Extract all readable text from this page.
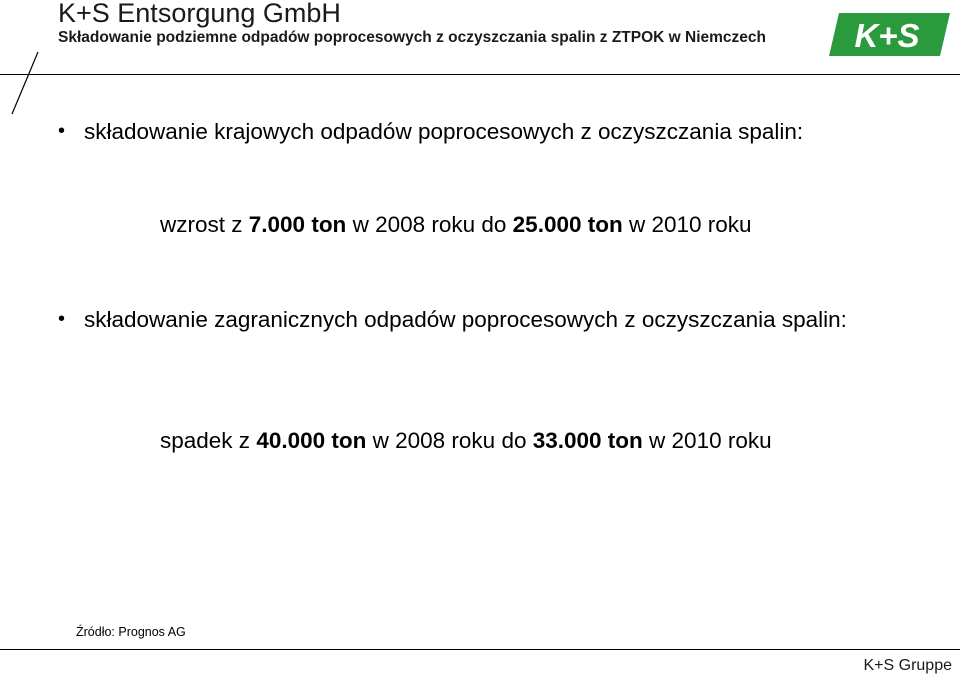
K+S Entsorgung GmbH
Składowanie podziemne odpadów poprocesowych z oczyszczania spalin z ZTPOK w Niemczech	K+S
• składowanie krajowych odpadów poprocesowych z oczyszczania spalin:
wzrost z 7.000 ton w 2008 roku do 25.000 ton w 2010 roku
• składowanie zagranicznych odpadów poprocesowych z oczyszczania spalin:
spadek z 40.000 ton w 2008 roku do 33.000 ton w 2010 roku
Źródło: Prognos AG
K+S Gruppe
